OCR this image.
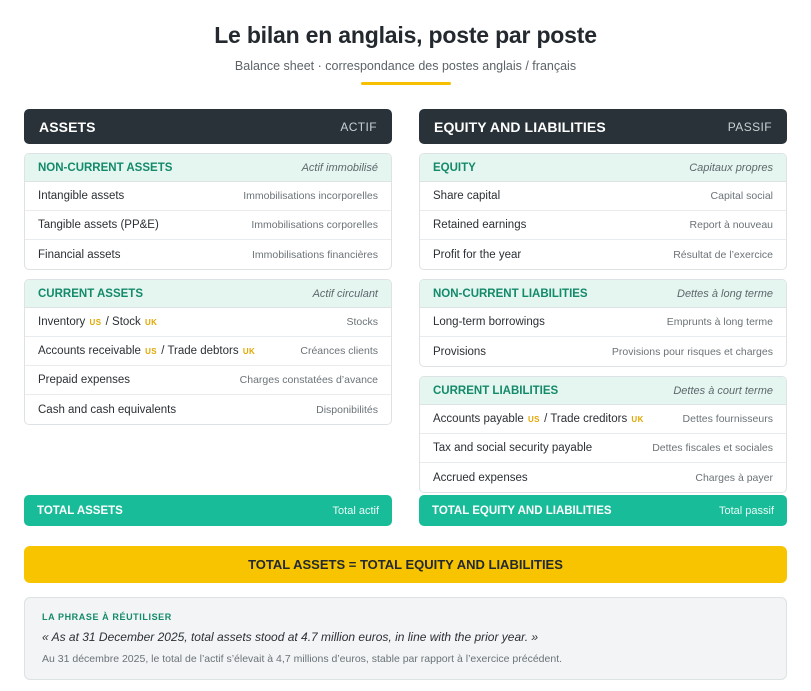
Le bilan en anglais, poste par poste
Balance sheet · correspondance des postes anglais / français
ASSETS	ACTIF
NON-CURRENT ASSETS	Actif immobilisé
Intangible assets	Immobilisations incorporelles
Tangible assets (PP&E)	Immobilisations corporelles
Financial assets	Immobilisations financières
CURRENT ASSETS	Actif circulant
Inventory US / Stock UK	Stocks
Accounts receivable US / Trade debtors UK	Créances clients
Prepaid expenses	Charges constatées d’avance
Cash and cash equivalents	Disponibilités
EQUITY AND LIABILITIES	PASSIF
EQUITY	Capitaux propres
Share capital	Capital social
Retained earnings	Report à nouveau
Profit for the year	Résultat de l’exercice
NON-CURRENT LIABILITIES	Dettes à long terme
Long-term borrowings	Emprunts à long terme
Provisions	Provisions pour risques et charges
CURRENT LIABILITIES	Dettes à court terme
Accounts payable US / Trade creditors UK	Dettes fournisseurs
Tax and social security payable	Dettes fiscales et sociales
Accrued expenses	Charges à payer
TOTAL ASSETS	Total actif	TOTAL EQUITY AND LIABILITIES	Total passif
TOTAL ASSETS = TOTAL EQUITY AND LIABILITIES
LA PHRASE À RÉUTILISER
« As at 31 December 2025, total assets stood at 4.7 million euros, in line with the prior year. »
Au 31 décembre 2025, le total de l’actif s’élevait à 4,7 millions d’euros, stable par rapport à l’exercice précédent.
